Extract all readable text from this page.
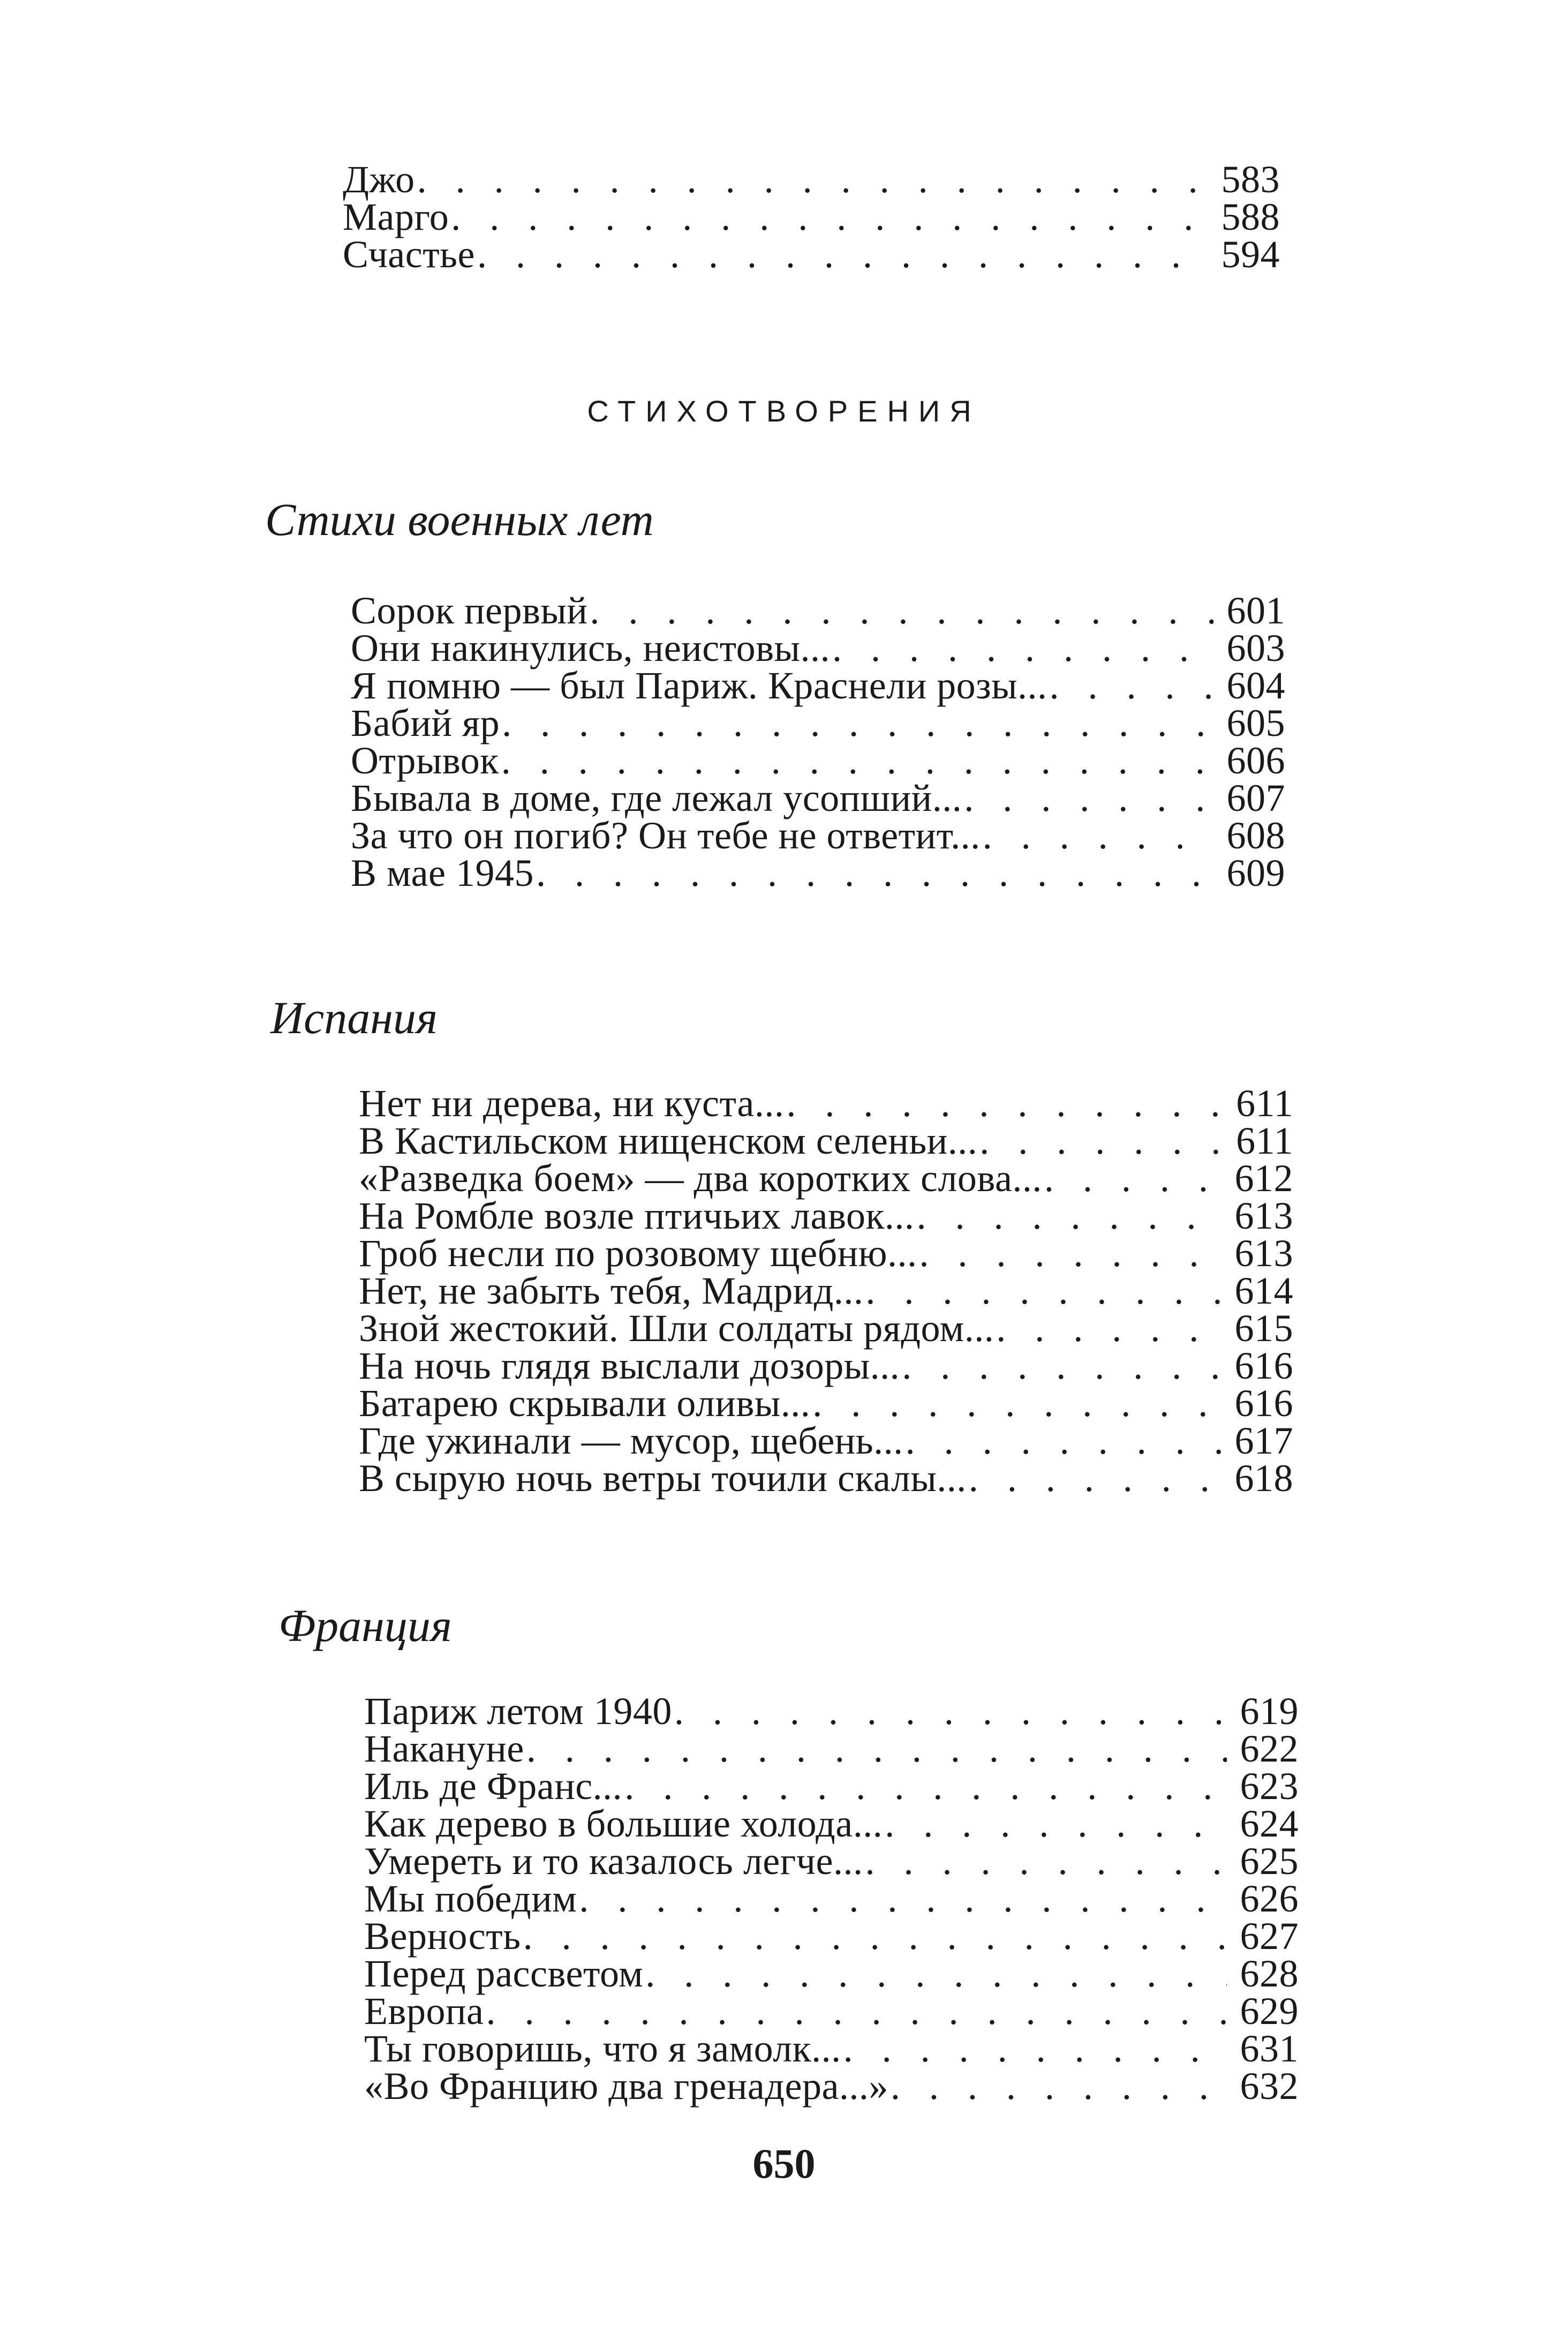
Джо . . .	583
Марго . . .	588
Счастье . . .	594
СТИХОТВОРЕНИЯ
Стихи военных лет
Сорок первый . . .	601
Они накинулись, неистовы... . . .	603
Я помню — был Париж. Краснели розы... . . .	604
Бабий яр . . .	605
Отрывок . . .	606
Бывала в доме, где лежал усопший... . . .	607
За что он погиб? Он тебе не ответит... . . .	608
В мае 1945 . . .	609
Испания
Нет ни дерева, ни куста... . . .	611
В Кастильском нищенском селеньи... . . .	611
«Разведка боем» — два коротких слова... . . .	612
На Ромбле возле птичьих лавок... . . .	613
Гроб несли по розовому щебню... . . .	613
Нет, не забыть тебя, Мадрид... . . .	614
Зной жестокий. Шли солдаты рядом... . . .	615
На ночь глядя выслали дозоры... . . .	616
Батарею скрывали оливы... . . .	616
Где ужинали — мусор, щебень... . . .	617
В сырую ночь ветры точили скалы... . . .	618
Франция
Париж летом 1940 . . .	619
Накануне . . .	622
Иль де Франс... . . .	623
Как дерево в большие холода... . . .	624
Умереть и то казалось легче... . . .	625
Мы победим . . .	626
Верность . . .	627
Перед рассветом . . .	628
Европа . . .	629
Ты говоришь, что я замолк... . . .	631
«Во Францию два гренадера...» . . .	632
650
